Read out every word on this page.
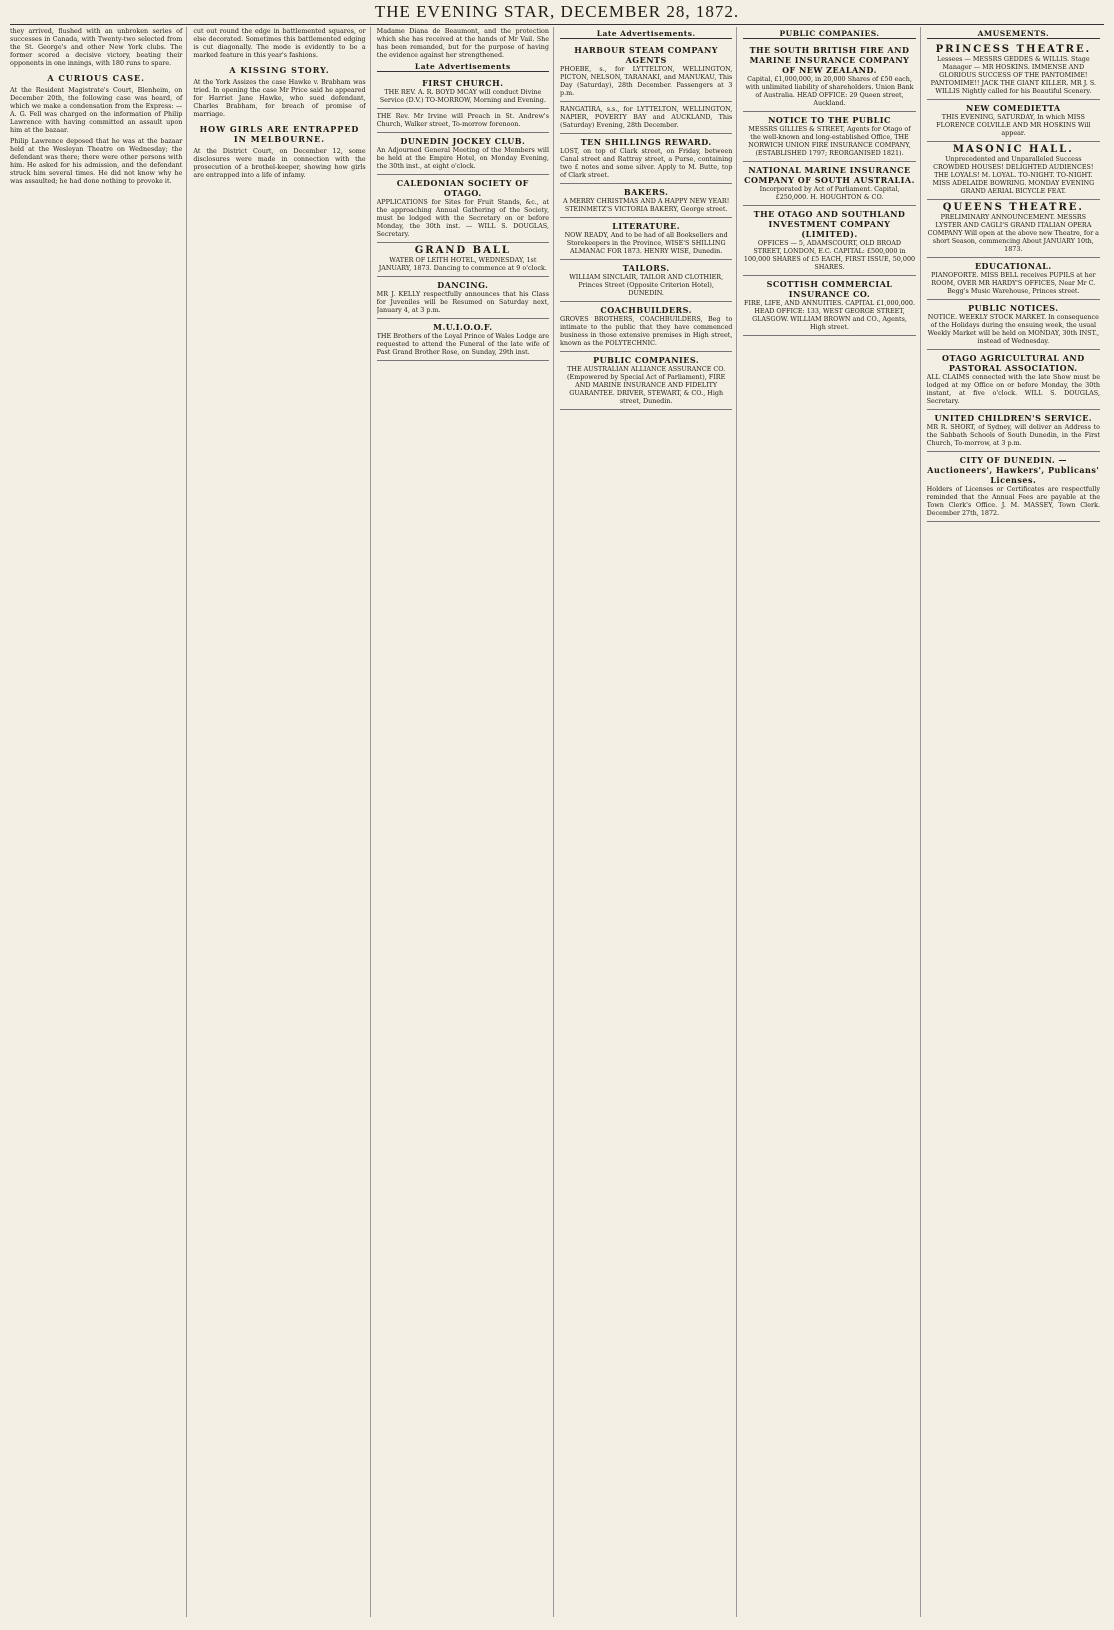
THE EVENING STAR, DECEMBER 28, 1872.

they arrived, flushed with an unbroken series of successes in Canada, with Twenty-two selected from the St. George's and other New York clubs. The former scored a decisive victory, beating their opponents in one innings, with 180 runs to spare.

A CURIOUS CASE.

At the Resident Magistrate's Court, Blenheim, on December 20th, the following case was heard, of which we make a condensation from the Express: — A. G. Fell was charged on the information of Philip Lawrence with having committed an assault upon him at the bazaar.

Philip Lawrence deposed that he was at the bazaar held at the Wesleyan Theatre on Wednesday; the defendant was there; there were other persons with him. He asked for his admission, and the defendant struck him several times. He did not know why he was assaulted; he had done nothing to provoke it.

cut out round the edge in battlemented squares, or else decorated. Sometimes this battlemented edging is cut diagonally. The mode is evidently to be a marked feature in this year's fashions.

A KISSING STORY.

At the York Assizes the case Hawke v. Brabham was tried. In opening the case Mr Price said he appeared for Harriet Jane Hawke, who sued defendant, Charles Brabham, for breach of promise of marriage.

HOW GIRLS ARE ENTRAPPED IN MELBOURNE.

At the District Court, on December 12, some disclosures were made in connection with the prosecution of a brothel-keeper, showing how girls are entrapped into a life of infamy.

Madame Diana de Beaumont, and the protection which she has received at the hands of Mr Vail. She has been remanded, but for the purpose of having the evidence against her strengthened.

Late Advertisements
FIRST CHURCH.
THE REV. A. R. BOYD MCAY will conduct Divine Service (D.V.) TO-MORROW, Morning and Evening.
THE Rev. Mr Irvine will Preach in St. Andrew's Church, Walker street, To-morrow forenoon.
DUNEDIN JOCKEY CLUB.
An Adjourned General Meeting of the Members will be held at the Empire Hotel, on Monday Evening, the 30th inst., at eight o'clock.
CALEDONIAN SOCIETY OF OTAGO.
APPLICATIONS for Sites for Fruit Stands, &c., at the approaching Annual Gathering of the Society, must be lodged with the Secretary on or before Monday, the 30th inst. — WILL S. DOUGLAS, Secretary.
GRAND BALL
WATER OF LEITH HOTEL, WEDNESDAY, 1st JANUARY, 1873. Dancing to commence at 9 o'clock.
DANCING.
MR J. KELLY respectfully announces that his Class for Juveniles will be Resumed on Saturday next, January 4, at 3 p.m.
M.U.I.O.O.F.
THE Brothers of the Loyal Prince of Wales Lodge are requested to attend the Funeral of the late wife of Past Grand Brother Rose, on Sunday, 29th inst.
Late Advertisements.
HARBOUR STEAM COMPANY AGENTS
PHOEBE, s., for LYTTELTON, WELLINGTON, PICTON, NELSON, TARANAKI, and MANUKAU, This Day (Saturday), 28th December. Passengers at 3 p.m.
RANGATIRA, s.s., for LYTTELTON, WELLINGTON, NAPIER, POVERTY BAY and AUCKLAND, This (Saturday) Evening, 28th December.
TEN SHILLINGS REWARD.
LOST, on top of Clark street, on Friday, between Canal street and Rattray street, a Purse, containing two £ notes and some silver. Apply to M. Butte, top of Clark street.
BAKERS.
A MERRY CHRISTMAS AND A HAPPY NEW YEAR! STEINMETZ'S VICTORIA BAKERY, George street.
LITERATURE.
NOW READY, And to be had of all Booksellers and Storekeepers in the Province, WISE'S SHILLING ALMANAC FOR 1873. HENRY WISE, Dunedin.
TAILORS.
WILLIAM SINCLAIR, TAILOR AND CLOTHIER, Princes Street (Opposite Criterion Hotel), DUNEDIN.
COACHBUILDERS.
GROVES BROTHERS, COACHBUILDERS, Beg to intimate to the public that they have commenced business in those extensive premises in High street, known as the POLYTECHNIC.
PUBLIC COMPANIES.
THE AUSTRALIAN ALLIANCE ASSURANCE CO. (Empowered by Special Act of Parliament), FIRE AND MARINE INSURANCE AND FIDELITY GUARANTEE. DRIVER, STEWART, & CO., High street, Dunedin.
PUBLIC COMPANIES.
THE SOUTH BRITISH FIRE AND MARINE INSURANCE COMPANY OF NEW ZEALAND.
Capital, £1,000,000, in 20,000 Shares of £50 each, with unlimited liability of shareholders. Union Bank of Australia. HEAD OFFICE: 29 Queen street, Auckland.
NOTICE TO THE PUBLIC
MESSRS GILLIES & STREET, Agents for Otago of the well-known and long-established Office, THE NORWICH UNION FIRE INSURANCE COMPANY, (ESTABLISHED 1797; REORGANISED 1821).
NATIONAL MARINE INSURANCE COMPANY OF SOUTH AUSTRALIA.
Incorporated by Act of Parliament. Capital, £250,000. H. HOUGHTON & CO.
THE OTAGO AND SOUTHLAND INVESTMENT COMPANY (LIMITED).
OFFICES — 5, ADAMSCOURT, OLD BROAD STREET, LONDON, E.C. CAPITAL: £500,000 in 100,000 SHARES of £5 EACH, FIRST ISSUE, 50,000 SHARES.
SCOTTISH COMMERCIAL INSURANCE CO.
FIRE, LIFE, AND ANNUITIES. CAPITAL £1,000,000. HEAD OFFICE: 133, WEST GEORGE STREET, GLASGOW. WILLIAM BROWN and CO., Agents, High street.
AMUSEMENTS.
PRINCESS THEATRE.
Lessees — MESSRS GEDDES & WILLIS. Stage Manager — MR HOSKINS. IMMENSE AND GLORIOUS SUCCESS OF THE PANTOMIME! PANTOMIME!! JACK THE GIANT KILLER. MR J. S. WILLIS Nightly called for his Beautiful Scenery.
NEW COMEDIETTA
THIS EVENING, SATURDAY, In which MISS FLORENCE COLVILLE AND MR HOSKINS Will appear.
MASONIC HALL.
Unprecedented and Unparalleled Success CROWDED HOUSES! DELIGHTED AUDIENCES! THE LOYALS! M. LOYAL. TO-NIGHT. TO-NIGHT. MISS ADELAIDE BOWRING. MONDAY EVENING GRAND AERIAL BICYCLE FEAT.
QUEENS THEATRE.
PRELIMINARY ANNOUNCEMENT. MESSRS LYSTER AND CAGLI'S GRAND ITALIAN OPERA COMPANY Will open at the above new Theatre, for a short Season, commencing About JANUARY 10th, 1873.
EDUCATIONAL.
PIANOFORTE. MISS BELL receives PUPILS at her ROOM, OVER MR HARDY'S OFFICES, Near Mr C. Begg's Music Warehouse, Princes street.
PUBLIC NOTICES.
NOTICE. WEEKLY STOCK MARKET. In consequence of the Holidays during the ensuing week, the usual Weekly Market will be held on MONDAY, 30th INST., instead of Wednesday.
OTAGO AGRICULTURAL AND PASTORAL ASSOCIATION.
ALL CLAIMS connected with the late Show must be lodged at my Office on or before Monday, the 30th instant, at five o'clock. WILL S. DOUGLAS, Secretary.
UNITED CHILDREN'S SERVICE.
MR R. SHORT, of Sydney, will deliver an Address to the Sabbath Schools of South Dunedin, in the First Church, To-morrow, at 3 p.m.
CITY OF DUNEDIN. — Auctioneers', Hawkers', Publicans' Licenses.
Holders of Licenses or Certificates are respectfully reminded that the Annual Fees are payable at the Town Clerk's Office. J. M. MASSEY, Town Clerk. December 27th, 1872.
